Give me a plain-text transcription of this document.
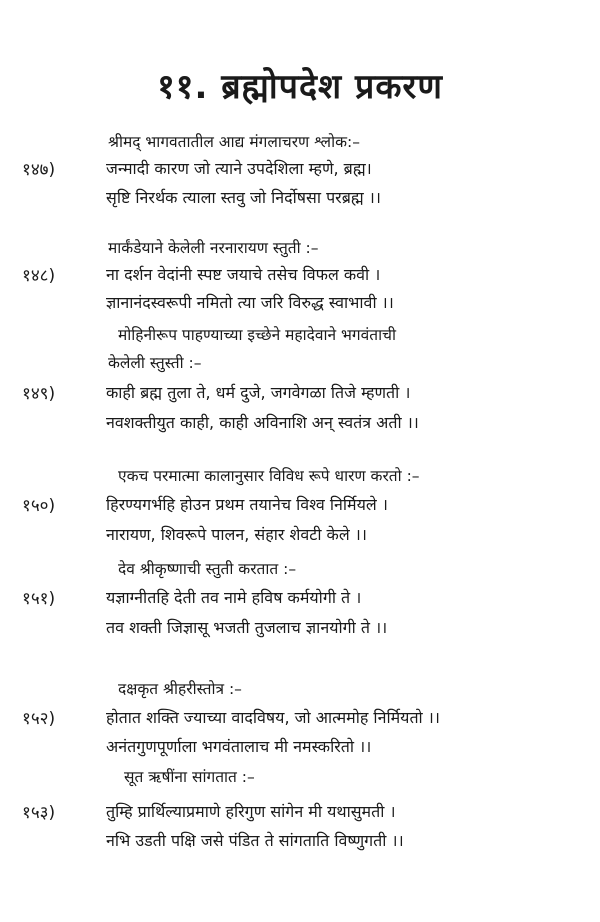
११. ब्रह्मोपदेश प्रकरण
श्रीमद् भागवतातील आद्य मंगलाचरण श्लोक:–
१४७)	जन्मादी कारण जो त्याने उपदेशिला म्हणे, ब्रह्म।
सृष्टि निरर्थक त्याला स्तवु जो निर्दोषसा परब्रह्म ।।
मार्कंडेयाने केलेली नरनारायण स्तुती :–
१४८)	ना दर्शन वेदांनी स्पष्ट जयाचे तसेच विफल कवी ।
ज्ञानानंदस्वरूपी नमितो त्या जरि विरुद्ध स्वाभावी ।।
मोहिनीरूप पाहण्याच्या इच्छेने महादेवाने भगवंताची
केलेली स्तुस्ती :–
१४९)	काही ब्रह्म तुला ते, धर्म दुजे, जगवेगळा तिजे म्हणती ।
नवशक्तीयुत काही, काही अविनाशि अन् स्वतंत्र अती ।।
एकच परमात्मा कालानुसार विविध रूपे धारण करतो :–
१५०)	हिरण्यगर्भहि होउन प्रथम तयानेच विश्व निर्मियले ।
नारायण, शिवरूपे पालन, संहार शेवटी केले ।।
देव श्रीकृष्णाची स्तुती करतात :–
१५१)	यज्ञाग्नीतहि देती तव नामे हविष कर्मयोगी ते ।
तव शक्ती जिज्ञासू भजती तुजलाच ज्ञानयोगी ते ।।
दक्षकृत श्रीहरीस्तोत्र :–
१५२)	होतात शक्ति ज्याच्या वादविषय, जो आत्ममोह निर्मियतो ।।
अनंतगुणपूर्णाला भगवंतालाच मी नमस्करितो ।।
सूत ऋषींना सांगतात :–
१५३)	तुम्हि प्रार्थिल्याप्रमाणे हरिगुण सांगेन मी यथासुमती ।
नभि उडती पक्षि जसे पंडित ते सांगताति विष्णुगती ।।
